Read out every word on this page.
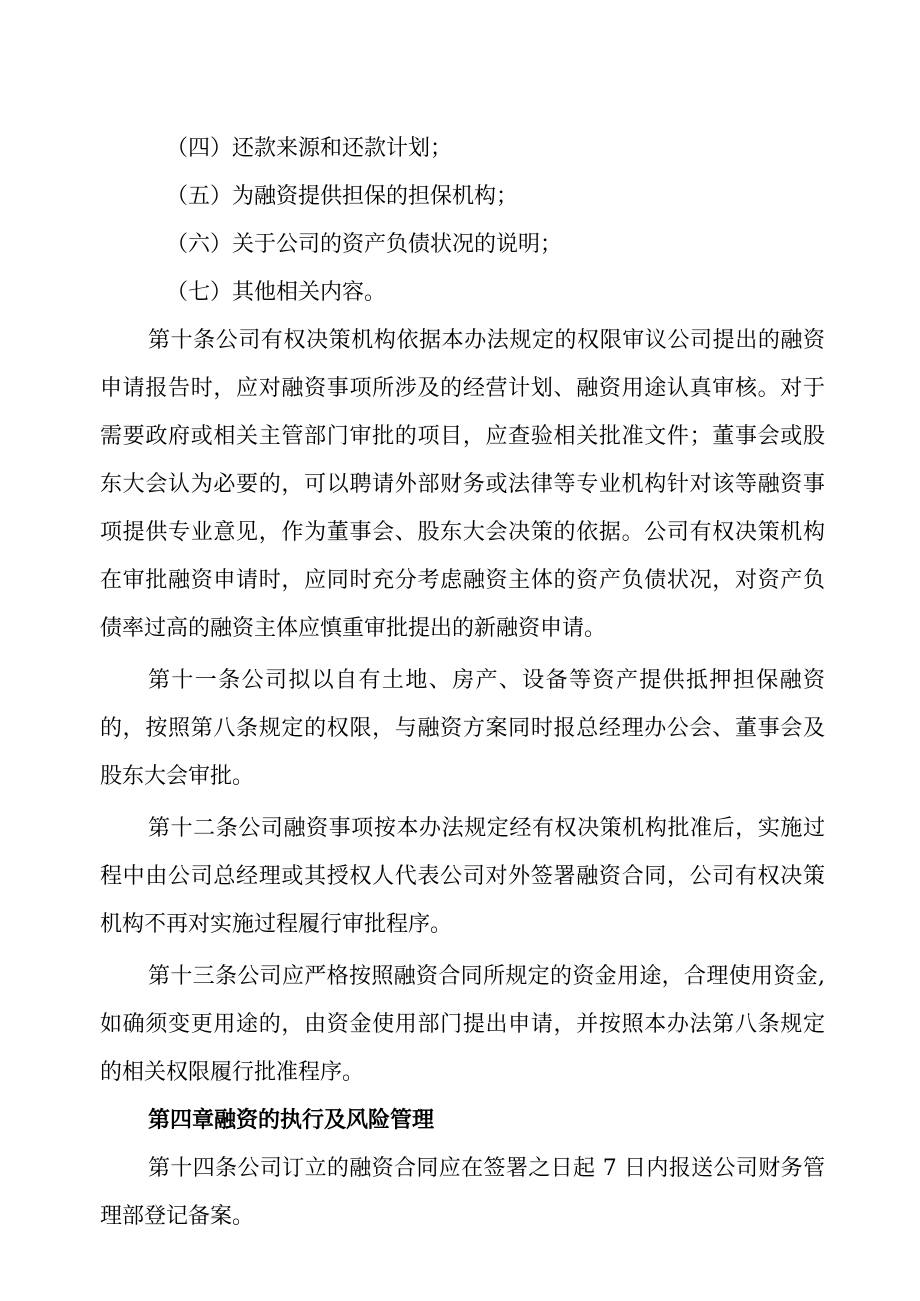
（四）还款来源和还款计划；
（五）为融资提供担保的担保机构；
（六）关于公司的资产负债状况的说明；
（七）其他相关内容。

第十条公司有权决策机构依据本办法规定的权限审议公司提出的融资申请报告时，应对融资事项所涉及的经营计划、融资用途认真审核。对于需要政府或相关主管部门审批的项目，应查验相关批准文件；董事会或股东大会认为必要的，可以聘请外部财务或法律等专业机构针对该等融资事项提供专业意见，作为董事会、股东大会决策的依据。公司有权决策机构在审批融资申请时，应同时充分考虑融资主体的资产负债状况，对资产负债率过高的融资主体应慎重审批提出的新融资申请。

第十一条公司拟以自有土地、房产、设备等资产提供抵押担保融资的，按照第八条规定的权限，与融资方案同时报总经理办公会、董事会及股东大会审批。

第十二条公司融资事项按本办法规定经有权决策机构批准后，实施过程中由公司总经理或其授权人代表公司对外签署融资合同，公司有权决策机构不再对实施过程履行审批程序。

第十三条公司应严格按照融资合同所规定的资金用途，合理使用资金,如确须变更用途的，由资金使用部门提出申请，并按照本办法第八条规定的相关权限履行批准程序。

第四章融资的执行及风险管理

第十四条公司订立的融资合同应在签署之日起 7 日内报送公司财务管理部登记备案。
